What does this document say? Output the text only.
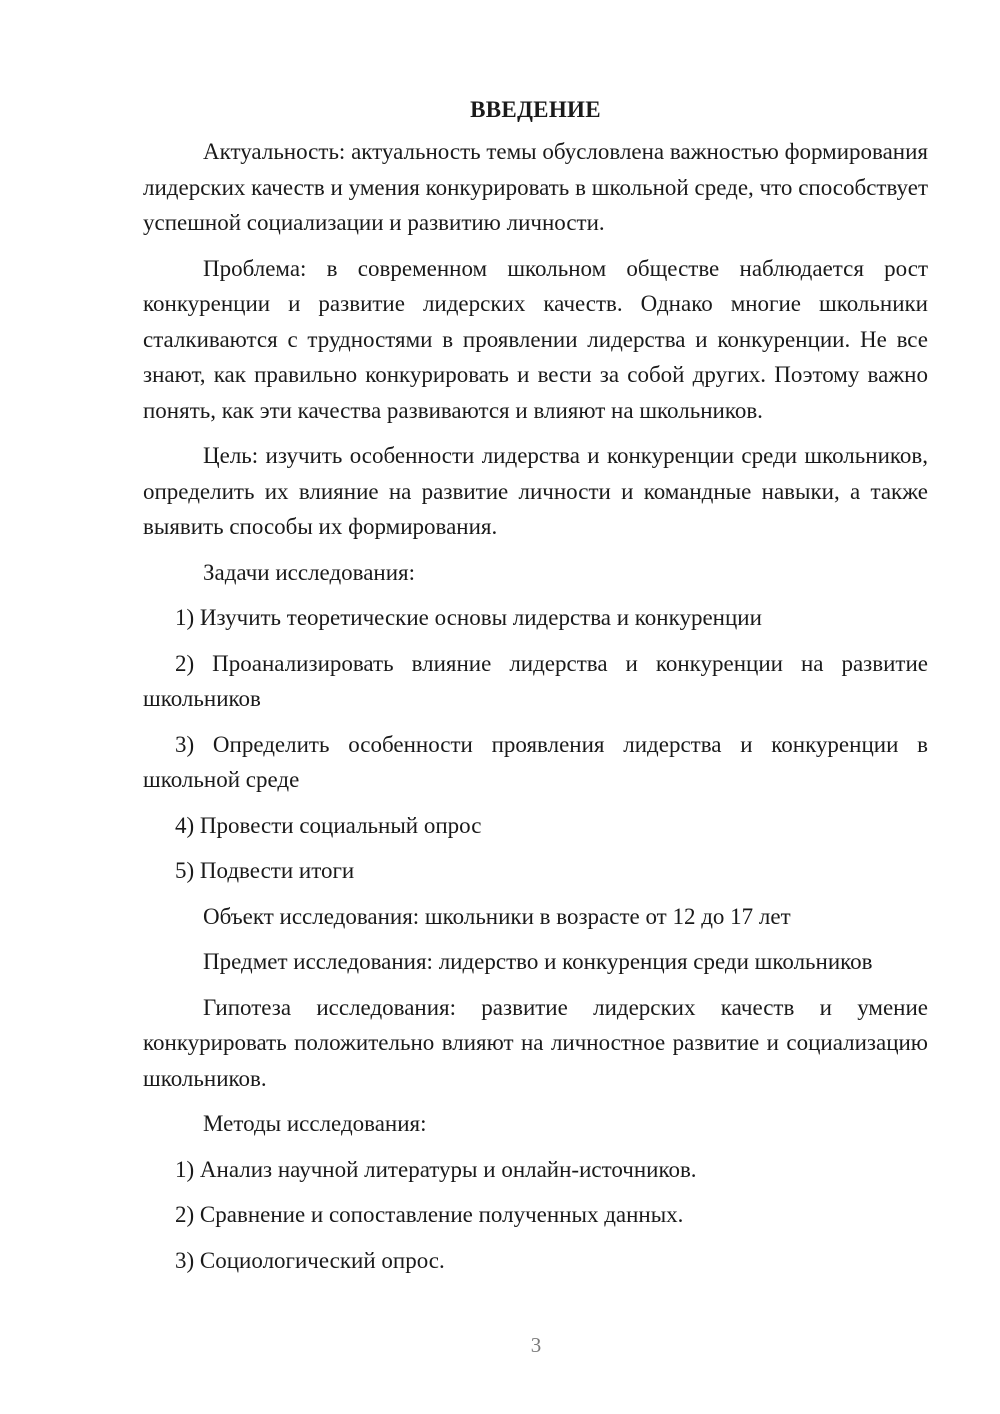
ВВЕДЕНИЕ

Актуальность: актуальность темы обусловлена важностью формирования лидерских качеств и умения конкурировать в школьной среде, что способствует успешной социализации и развитию личности.

Проблема: в современном школьном обществе наблюдается рост конкуренции и развитие лидерских качеств. Однако многие школьники сталкиваются с трудностями в проявлении лидерства и конкуренции. Не все знают, как правильно конкурировать и вести за собой других. Поэтому важно понять, как эти качества развиваются и влияют на школьников.

Цель: изучить особенности лидерства и конкуренции среди школьников, определить их влияние на развитие личности и командные навыки, а также выявить способы их формирования.

Задачи исследования:

1) Изучить теоретические основы лидерства и конкуренции

2) Проанализировать влияние лидерства и конкуренции на развитие школьников

3) Определить особенности проявления лидерства и конкуренции в школьной среде

4) Провести социальный опрос

5) Подвести итоги

Объект исследования: школьники в возрасте от 12 до 17 лет

Предмет исследования: лидерство и конкуренция среди школьников

Гипотеза исследования: развитие лидерских качеств и умение конкурировать положительно влияют на личностное развитие и социализацию школьников.

Методы исследования:

1) Анализ научной литературы и онлайн-источников.

2) Сравнение и сопоставление полученных данных.

3) Социологический опрос.

3
